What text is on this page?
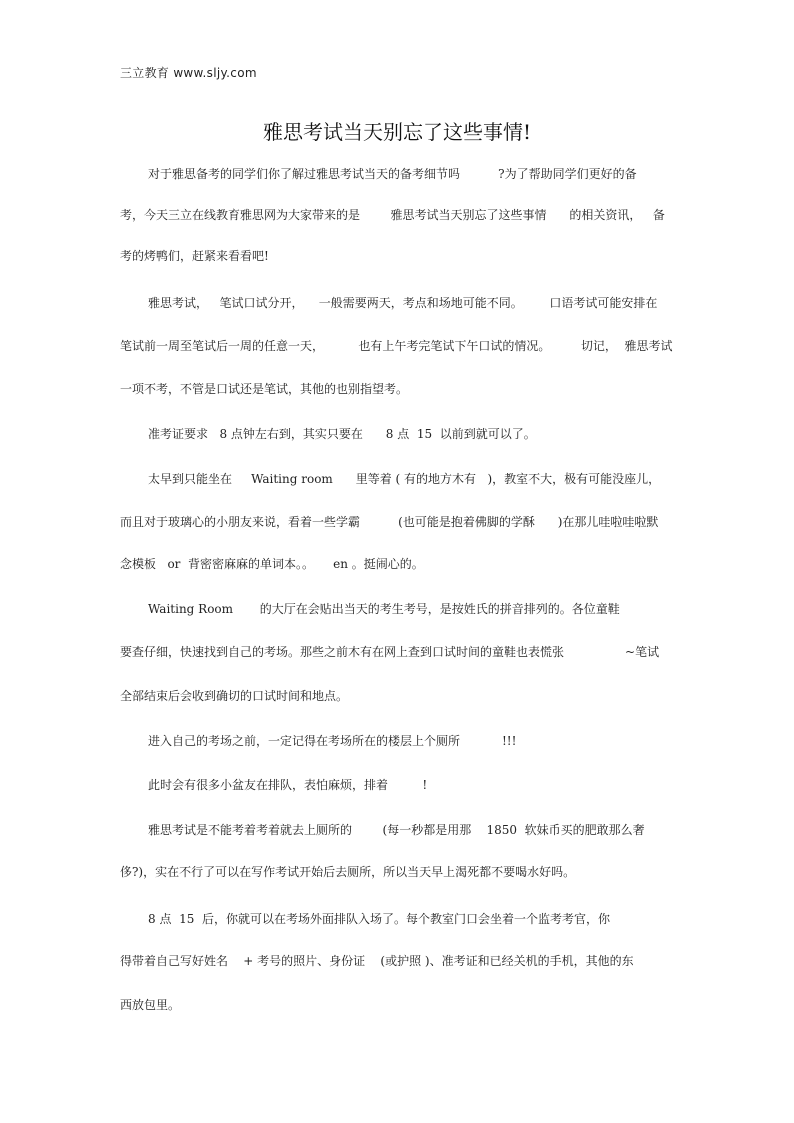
三立教育 www.sljy.com
雅思考试当天别忘了这些事情!
对于雅思备考的同学们你了解过雅思考试当天的备考细节吗          ?为了帮助同学们更好的备
考，今天三立在线教育雅思网为大家带来的是        雅思考试当天别忘了这些事情      的相关资讯，   备
考的烤鸭们，赶紧来看看吧!
雅思考试，   笔试口试分开，    一般需要两天，考点和场地可能不同。       口语考试可能安排在
笔试前一周至笔试后一周的任意一天，         也有上午考完笔试下午口试的情况。        切记，  雅思考试
一项不考，不管是口试还是笔试，其他的也别指望考。
准考证要求   8 点钟左右到，其实只要在      8 点  15  以前到就可以了。
太早到只能坐在     Waiting room      里等着 ( 有的地方木有   )，教室不大，极有可能没座儿，
而且对于玻璃心的小朋友来说，看着一些学霸          (也可能是抱着佛脚的学酥      )在那儿哇啦哇啦默
念模板   or  背密密麻麻的单词本。。     en 。挺闹心的。
Waiting Room       的大厅在会贴出当天的考生考号，是按姓氏的拼音排列的。各位童鞋
要查仔细，快速找到自己的考场。那些之前木有在网上查到口试时间的童鞋也表慌张                ~笔试
全部结束后会收到确切的口试时间和地点。
进入自己的考场之前，一定记得在考场所在的楼层上个厕所           !!!
此时会有很多小盆友在排队，表怕麻烦，排着         !
雅思考试是不能考着考着就去上厕所的        (每一秒都是用那    1850  软妹币买的肥敢那么奢
侈?)，实在不行了可以在写作考试开始后去厕所，所以当天早上渴死都不要喝水好吗。
8 点  15  后，你就可以在考场外面排队入场了。每个教室门口会坐着一个监考考官，你
得带着自己写好姓名    + 考号的照片、身份证    (或护照 )、准考证和已经关机的手机，其他的东
西放包里。
